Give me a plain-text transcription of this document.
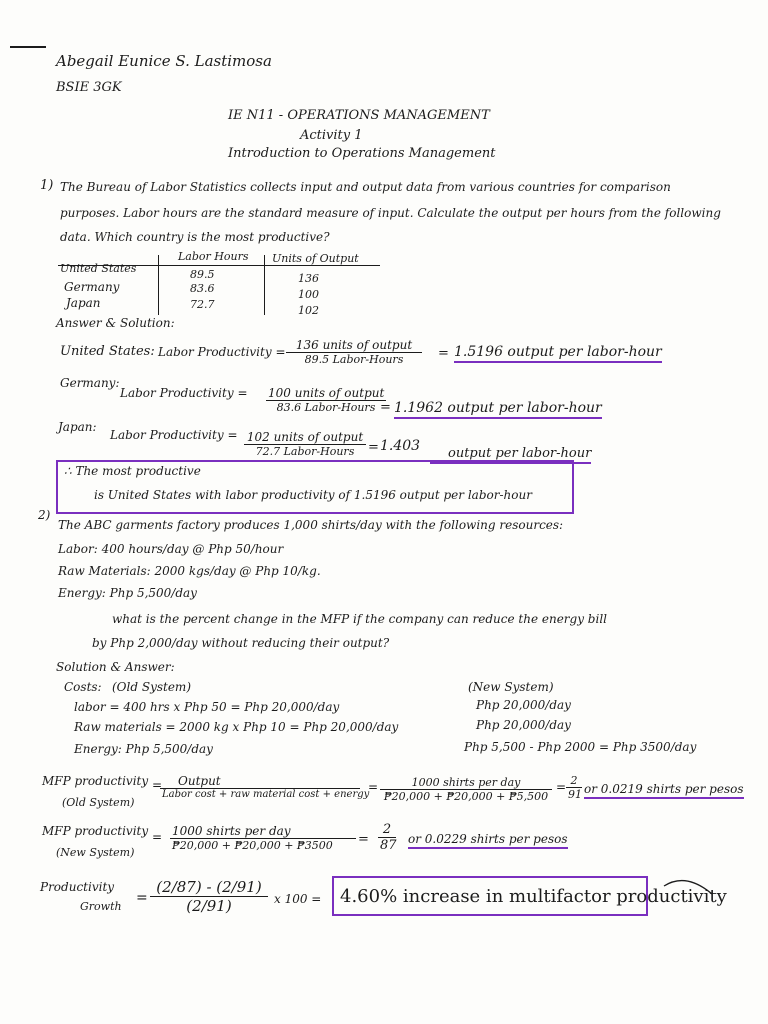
Abegail Eunice S. Lastimosa
BSIE 3GK
IE N11 - OPERATIONS MANAGEMENT
Activity 1
Introduction to Operations Management
1) The Bureau of Labor Statistics collects input and output data from various countries for comparison
purposes. Labor hours are the standard measure of input. Calculate the output per hours from the following
data. Which country is the most productive?
Labor Hours Units of Output
United States	89.5	136
Germany	83.6	100
Japan	72.7	102
Answer & Solution:
United States: Labor Productivity = 136 units of output
89.5 Labor-Hours	= 1.5196 output per labor-hour
Germany:
Labor Productivity = 100 units of output
83.6 Labor-Hours = 1.1962 output per labor-hour
Japan:
Labor Productivity = 102 units of output
72.7 Labor-Hours	= 1.403	output per labor-hour
∴ The most productive
is United States with labor productivity of 1.5196 output per labor-hour
2)
The ABC garments factory produces 1,000 shirts/day with the following resources:
Labor: 400 hours/day @ Php 50/hour
Raw Materials: 2000 kgs/day @ Php 10/kg.
Energy: Php 5,500/day
what is the percent change in the MFP if the company can reduce the energy bill
by Php 2,000/day without reducing their output?
Solution & Answer:
Costs: (Old System)	(New System)
labor = 400 hrs x Php 50 = Php 20,000/day	Php 20,000/day
Raw materials = 2000 kg x Php 10 = Php 20,000/day	Php 20,000/day
Energy: Php 5,500/day	Php 5,500 - Php 2000 = Php 3500/day
MFP productivity
(Old System)
=	Output
Labor cost + raw material cost + energy
=	1000 shirts per day
₱20,000 + ₱20,000 + ₱5,500
= $\frac{2}{91}$ or 0.0219 shirts per pesos
MFP productivity
(New System)
= 1000 shirts per day
₱20,000 + ₱20,000 + ₱3500	= $\frac{2}{87}$ or 0.0229 shirts per pesos
Productivity
Growth
= $\frac{(2/87) - (2/91)}{(2/91)}$ x 100 = 4.60% increase in multifactor productivity
